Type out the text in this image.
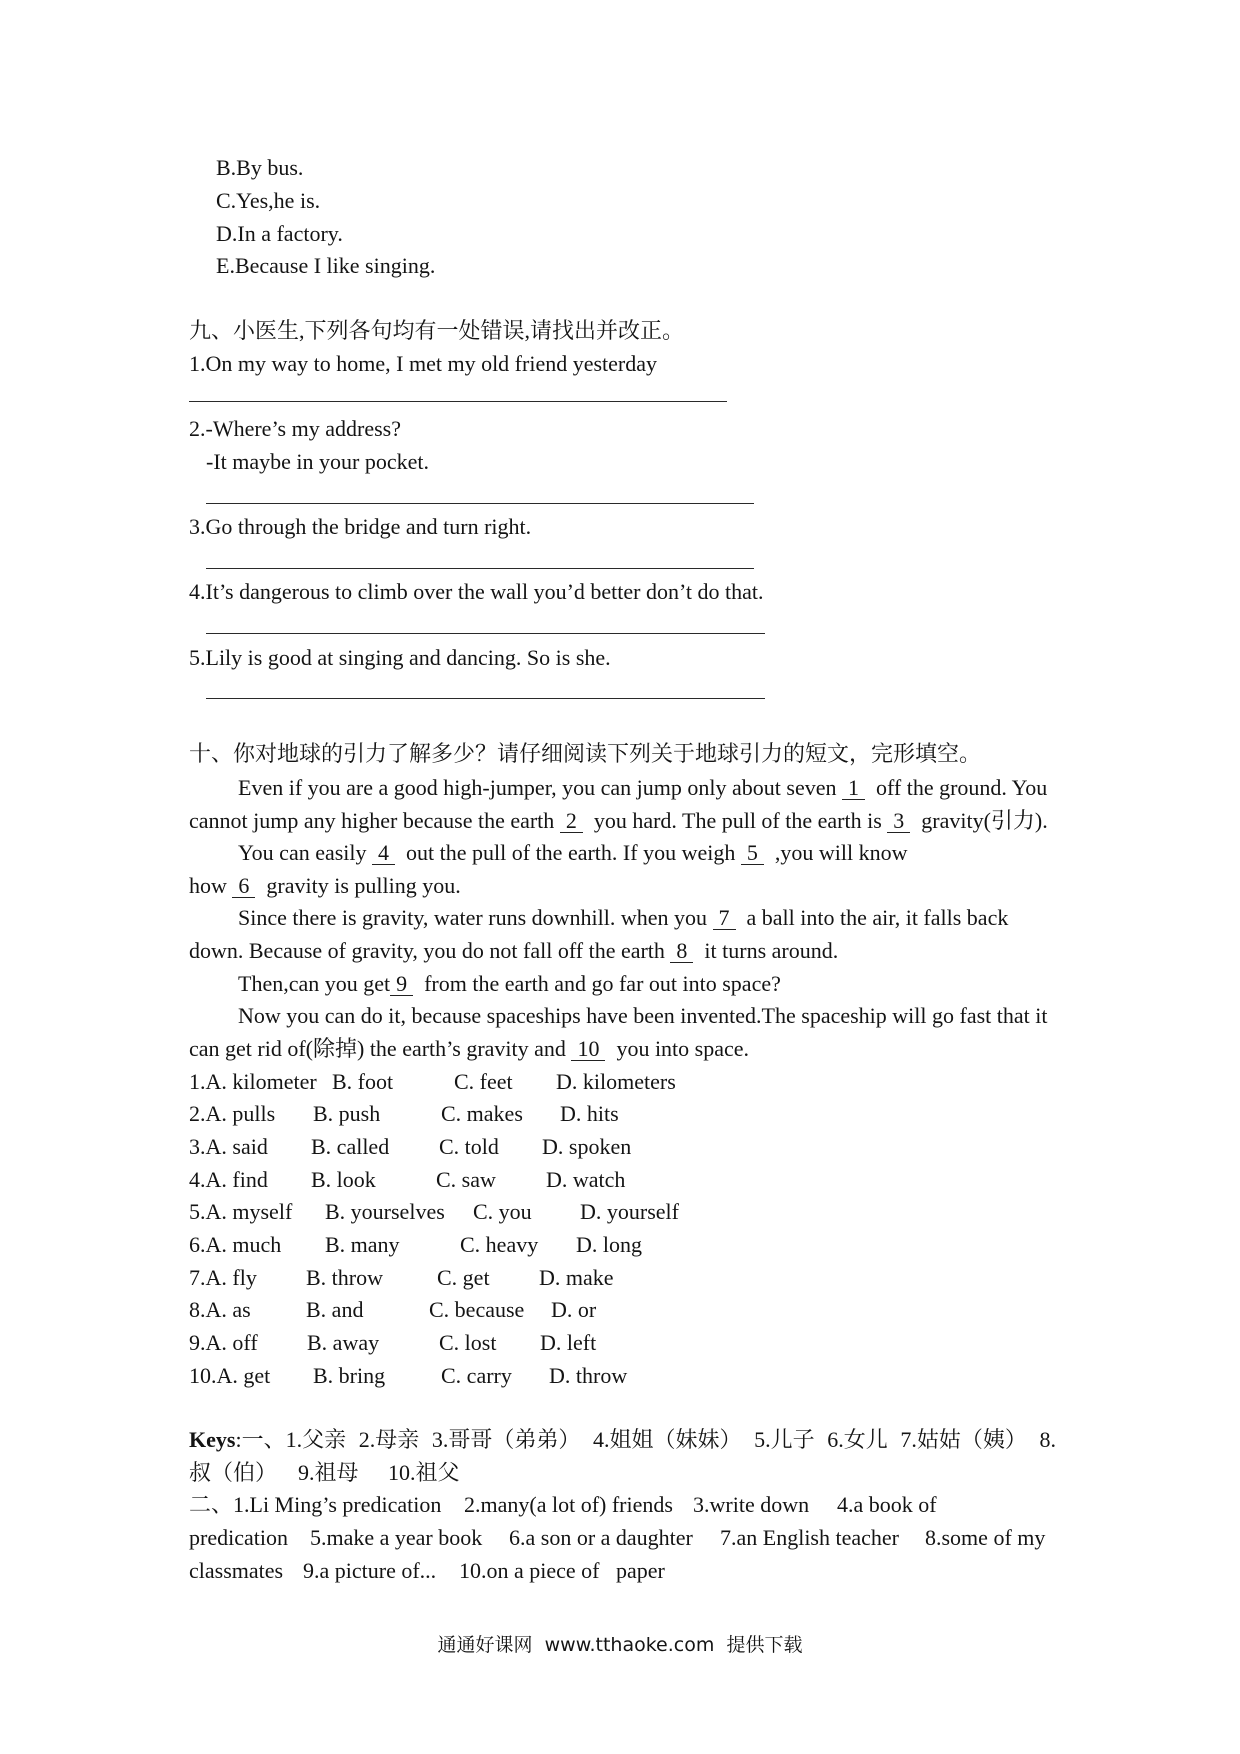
B.By bus.
C.Yes,he is.
D.In a factory.
E.Because I like singing.
九、小医生,下列各句均有一处错误,请找出并改正。
1.On my way to home, I met my old friend yesterday
2.-Where’s my address?
-It maybe in your pocket.
3.Go through the bridge and turn right.
4.It’s dangerous to climb over the wall you’d better don’t do that.
5.Lily is good at singing and dancing. So is she.
十、你对地球的引力了解多少？请仔细阅读下列关于地球引力的短文，完形填空。
Even if you are a good high-jumper, you can jump only about seven 1  off the ground. You
cannot jump any higher because the earth 2  you hard. The pull of the earth is 3  gravity(引力).
You can easily 4  out the pull of the earth. If you weigh 5  ,you will know
how 6  gravity is pulling you.
Since there is gravity, water runs downhill. when you 7  a ball into the air, it falls back
down. Because of gravity, you do not fall off the earth 8  it turns around.
Then,can you get 9  from the earth and go far out into space?
Now you can do it, because spaceships have been invented.The spaceship will go fast that it
can get rid of(除掉) the earth’s gravity and 10  you into space.
1.A. kilometer B. foot	C. feet D. kilometers
2.A. pulls B. push	C. makes D. hits
3.A. said B. called C. told D. spoken
4.A. find B. look	C. saw D. watch
5.A. myself B. yourselves C. you D. yourself
6.A. much B. many	C. heavy D. long
7.A. fly B. throw C. get D. make
8.A. as	B. and	C. because D. or
9.A. off B. away	C. lost D. left
10.A. get B. bring	C. carry D. throw
Keys:一、1.父亲 2.母亲 3.哥哥（弟弟） 4.姐姐（妹妹） 5.儿子 6.女儿 7.姑姑（姨） 8.
叔（伯） 9.祖母 10.祖父
二、1.Li Ming’s predication 2.many(a lot of) friends 3.write down 4.a book of
predication 5.make a year book 6.a son or a daughter 7.an English teacher 8.some of my
classmates 9.a picture of... 10.on a piece of   paper
通通好课网  www.tthaoke.com  提供下载
